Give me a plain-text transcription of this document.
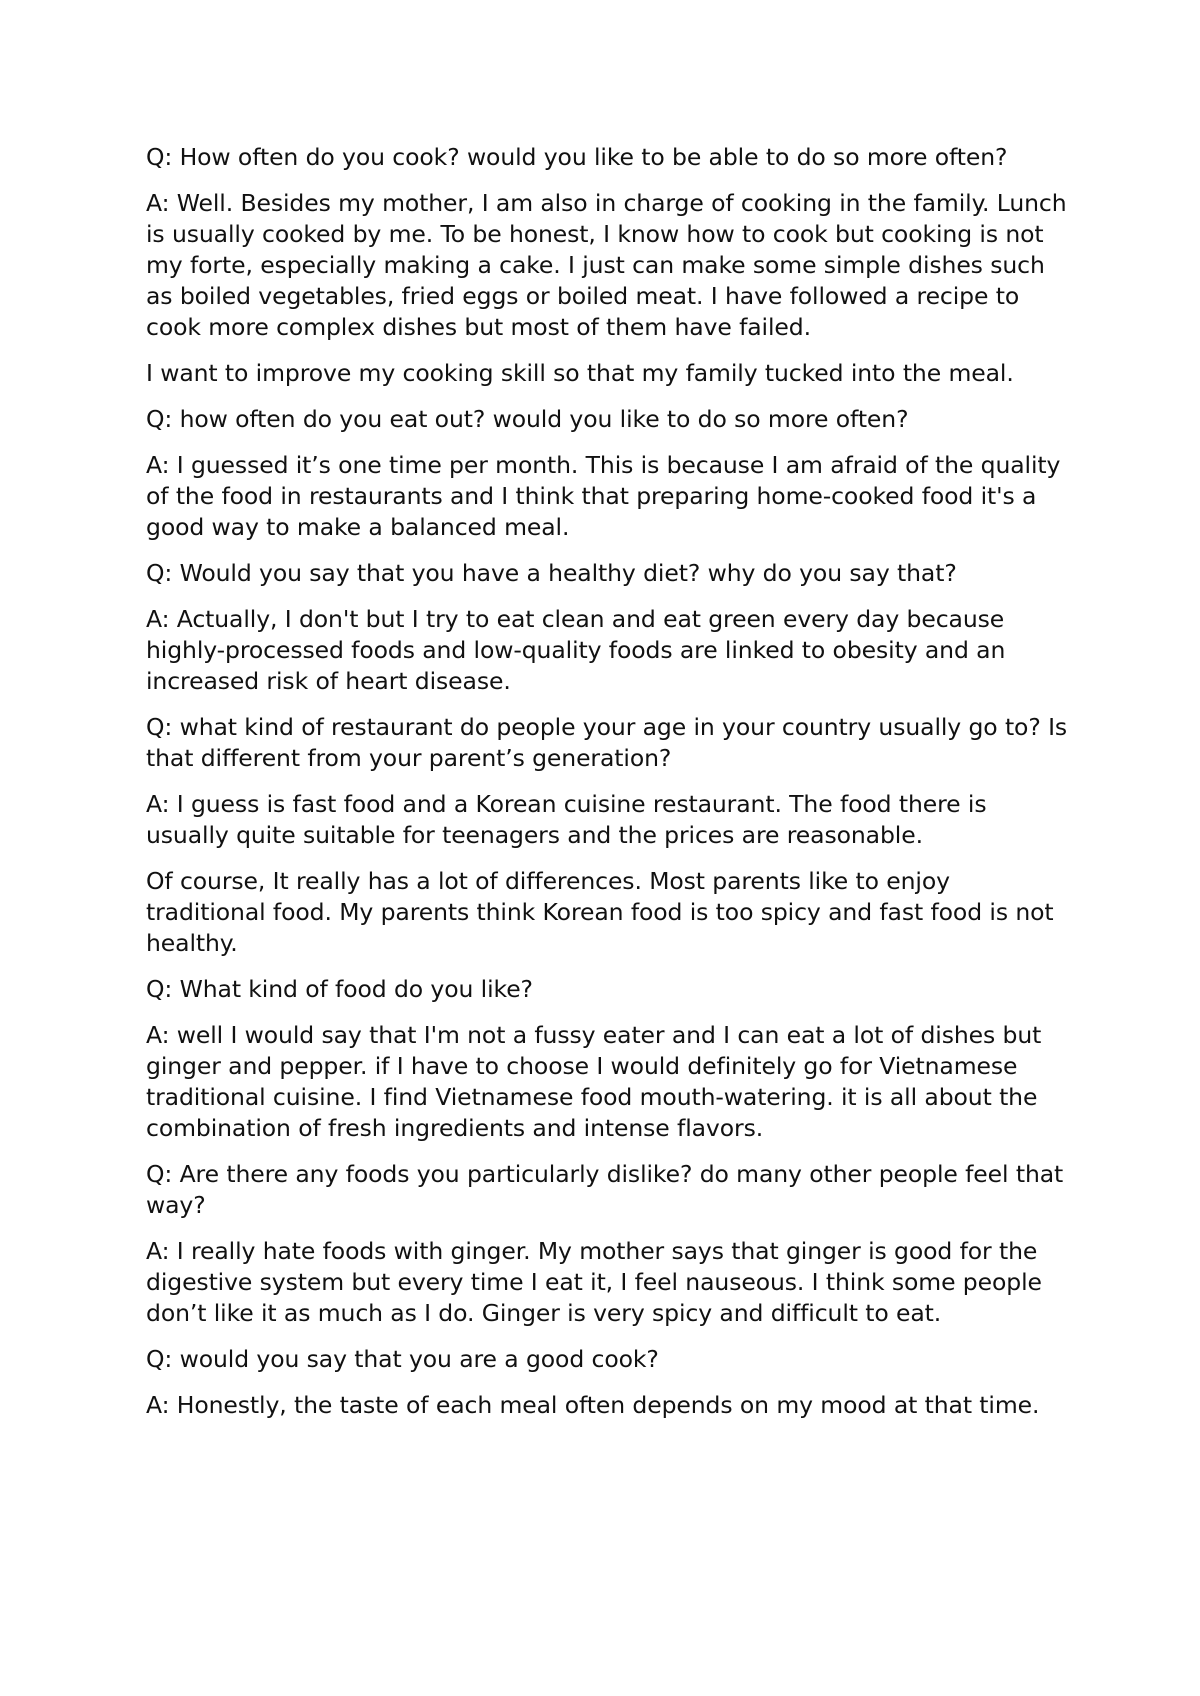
Q: How often do you cook? would you like to be able to do so more often?

A: Well. Besides my mother, I am also in charge of cooking in the family. Lunch is usually cooked by me. To be honest, I know how to cook but cooking is not my forte, especially making a cake. I just can make some simple dishes such as boiled vegetables, fried eggs or boiled meat. I have followed a recipe to cook more complex dishes but most of them have failed.

I want to improve my cooking skill so that my family tucked into the meal.

Q: how often do you eat out? would you like to do so more often?

A: I guessed it’s one time per month. This is because I am afraid of the quality of the food in restaurants and I think that preparing home-cooked food it's a good way to make a balanced meal.

Q: Would you say that you have a healthy diet? why do you say that?

A: Actually, I don't but I try to eat clean and eat green every day because highly-processed foods and low-quality foods are linked to obesity and an increased risk of heart disease.

Q: what kind of restaurant do people your age in your country usually go to? Is that different from your parent’s generation?

A: I guess is fast food and a Korean cuisine restaurant. The food there is usually quite suitable for teenagers and the prices are reasonable.

Of course, It really has a lot of differences. Most parents like to enjoy traditional food. My parents think Korean food is too spicy and fast food is not healthy.

Q: What kind of food do you like?

A: well I would say that I'm not a fussy eater and I can eat a lot of dishes but ginger and pepper. if I have to choose I would definitely go for Vietnamese traditional cuisine. I find Vietnamese food mouth-watering. it is all about the combination of fresh ingredients and intense flavors.

Q: Are there any foods you particularly dislike? do many other people feel that way?

A: I really hate foods with ginger. My mother says that ginger is good for the digestive system but every time I eat it, I feel nauseous. I think some people don’t like it as much as I do. Ginger is very spicy and difficult to eat.

Q: would you say that you are a good cook?

A: Honestly, the taste of each meal often depends on my mood at that time.
